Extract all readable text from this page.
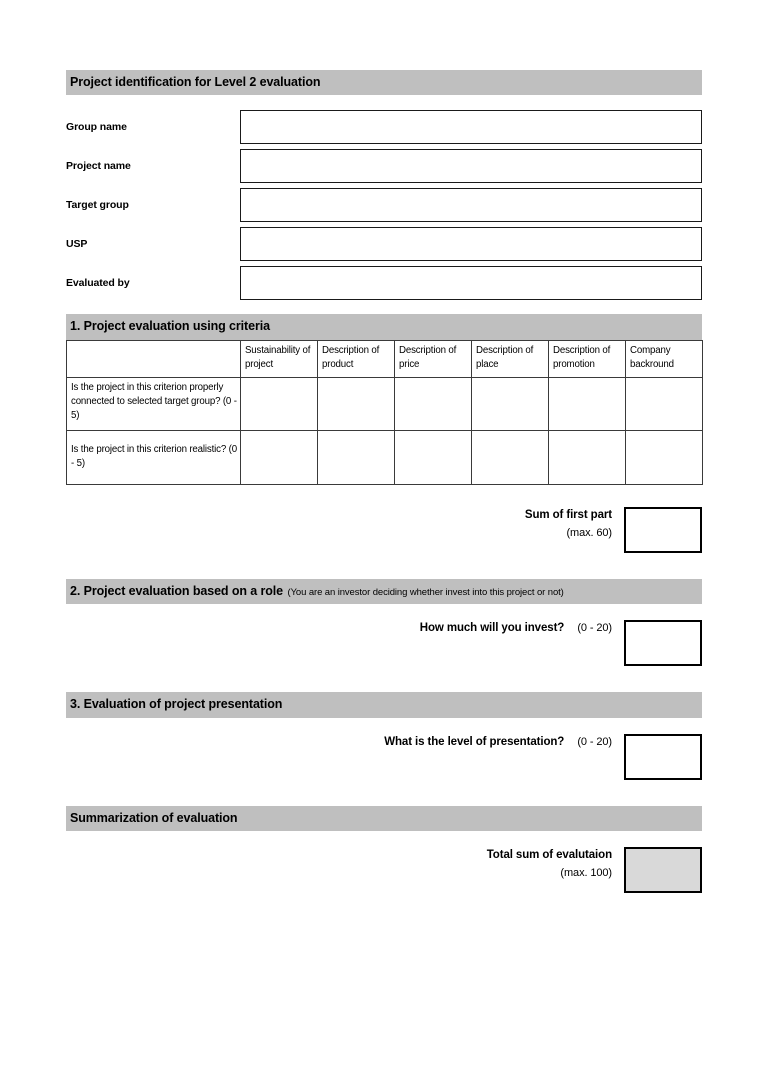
Project identification for Level 2 evaluation
Group name
Project name
Target group
USP
Evaluated by
1. Project evaluation using criteria
	Sustainability of project	Description of product	Description of price	Description of place	Description of promotion	Company backround
Is the project in this criterion properly connected to selected target group? (0 - 5)						
Is the project in this criterion realistic? (0 - 5)						
Sum of first part
(max. 60)
2. Project evaluation based on a role (You are an investor deciding whether invest into this project or not)
How much will you invest? (0 - 20)
3. Evaluation of project presentation
What is the level of presentation? (0 - 20)
Summarization of evaluation
Total sum of evalutaion
(max. 100)
